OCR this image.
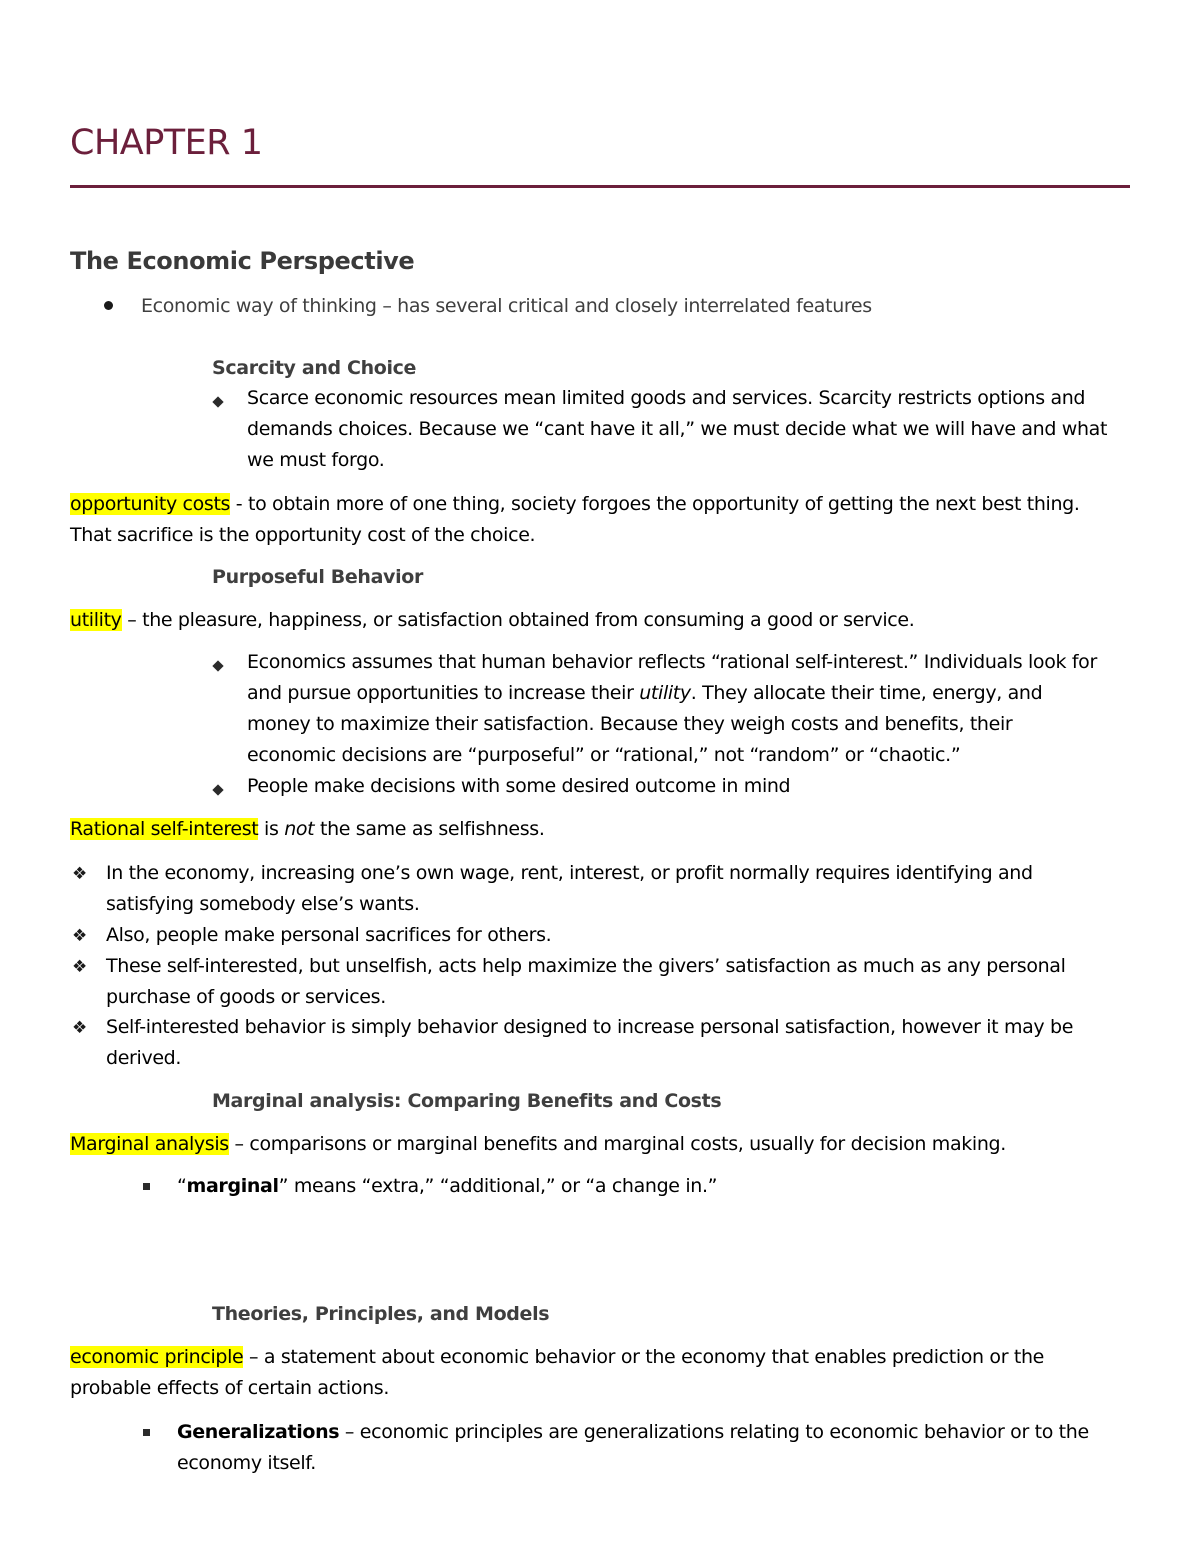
CHAPTER 1
The Economic Perspective
Economic way of thinking – has several critical and closely interrelated features
Scarcity and Choice
Scarce economic resources mean limited goods and services. Scarcity restricts options and
demands choices. Because we “cant have it all,” we must decide what we will have and what
we must forgo.
opportunity costs - to obtain more of one thing, society forgoes the opportunity of getting the next best thing.
That sacrifice is the opportunity cost of the choice.
Purposeful Behavior
utility – the pleasure, happiness, or satisfaction obtained from consuming a good or service.
Economics assumes that human behavior reflects “rational self-interest.” Individuals look for
and pursue opportunities to increase their utility. They allocate their time, energy, and
money to maximize their satisfaction. Because they weigh costs and benefits, their
economic decisions are “purposeful” or “rational,” not “random” or “chaotic.”
People make decisions with some desired outcome in mind
Rational self-interest is not the same as selfishness.
❖ In the economy, increasing one’s own wage, rent, interest, or profit normally requires identifying and
satisfying somebody else’s wants.
❖ Also, people make personal sacrifices for others.
❖ These self-interested, but unselfish, acts help maximize the givers’ satisfaction as much as any personal
purchase of goods or services.
❖ Self-interested behavior is simply behavior designed to increase personal satisfaction, however it may be
derived.
Marginal analysis: Comparing Benefits and Costs
Marginal analysis – comparisons or marginal benefits and marginal costs, usually for decision making.
“marginal” means “extra,” “additional,” or “a change in.”
Theories, Principles, and Models
economic principle – a statement about economic behavior or the economy that enables prediction or the
probable effects of certain actions.
Generalizations – economic principles are generalizations relating to economic behavior or to the
economy itself.
